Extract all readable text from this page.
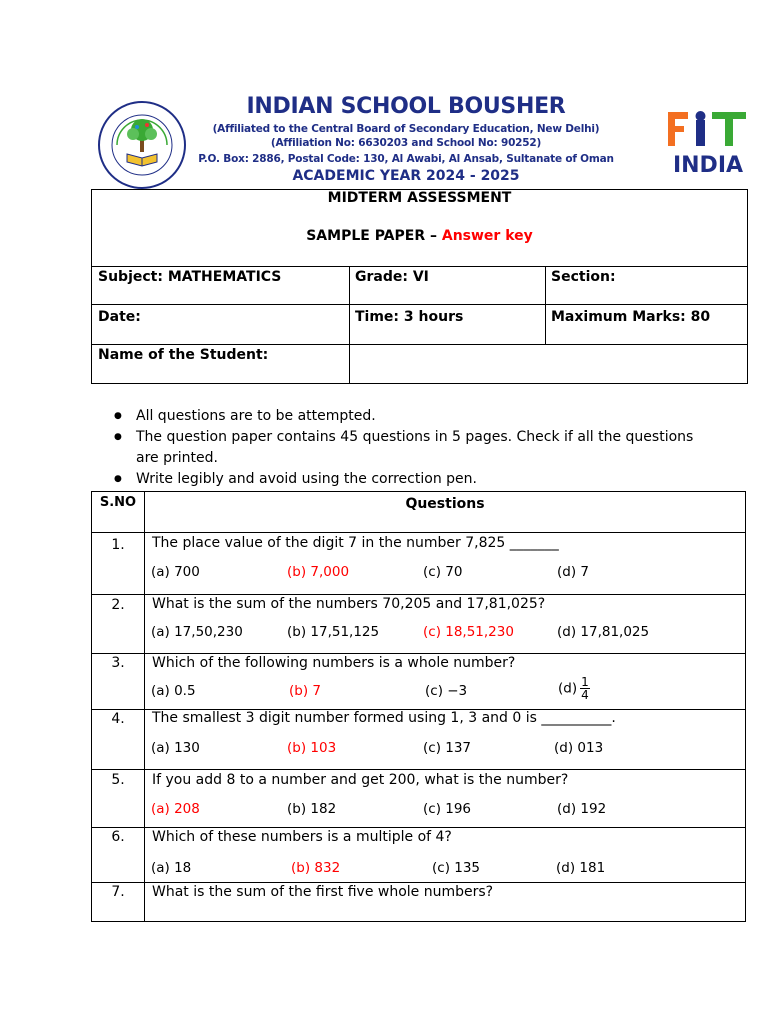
INDIAN SCHOOL BOUSHER
(Affiliated to the Central Board of Secondary Education, New Delhi)
(Affiliation No: 6630203 and School No: 90252)
P.O. Box: 2886, Postal Code: 130, Al Awabi, Al Ansab, Sultanate of Oman
ACADEMIC YEAR 2024 - 2025	INDIA
MIDTERM ASSESSMENT
SAMPLE PAPER – Answer key
Subject: MATHEMATICS	Grade: VI	Section:
Date:	Time: 3 hours	Maximum Marks: 80
Name of the Student:
● All questions are to be attempted.
● The question paper contains 45 questions in 5 pages. Check if all the questions
are printed.
● Write legibly and avoid using the correction pen.
S.NO	Questions
1.	The place value of the digit 7 in the number 7,825 _______
(a) 700	(b) 7,000	(c) 70	(d) 7
2.	What is the sum of the numbers 70,205 and 17,81,025?
(a) 17,50,230	(b) 17,51,125	(c) 18,51,230	(d) 17,81,025
3.	Which of the following numbers is a whole number?
(a) 0.5	(b) 7	(c) −3	$(d) \frac{1}{4}$
4.	The smallest 3 digit number formed using 1, 3 and 0 is __________.
(a) 130	(b) 103	(c) 137	(d) 013
5.	If you add 8 to a number and get 200, what is the number?
(a) 208	(b) 182	(c) 196	(d) 192
6.	Which of these numbers is a multiple of 4?
(a) 18	(b) 832	(c) 135	(d) 181
7.	What is the sum of the first five whole numbers?
